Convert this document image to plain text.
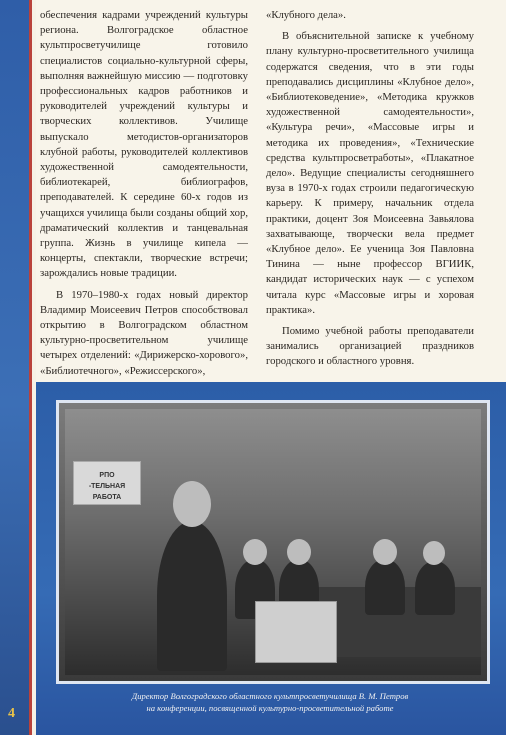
обеспечения кадрами учреждений культуры региона. Волгоградское областное культпросветучилище готовило специалистов социально-культурной сферы, выполняя важнейшую миссию — подготовку профессиональных кадров работников и руководителей учреждений культуры и творческих коллективов. Училище выпускало методистов-организаторов клубной работы, руководителей коллективов художественной самодеятельности, библиотекарей, библиографов, преподавателей. К середине 60-х годов из учащихся училища были созданы общий хор, драматический коллектив и танцевальная группа. Жизнь в училище кипела — концерты, спектакли, творческие встречи; зарождались новые традиции.

В 1970–1980-х годах новый директор Владимир Моисеевич Петров способствовал открытию в Волгоградском областном культурно-просветительном училище четырех отделений: «Дирижерско-хорового», «Библиотечного», «Режиссерского»,

«Клубного дела».

В объяснительной записке к учебному плану культурно-просветительного училища содержатся сведения, что в эти годы преподавались дисциплины «Клубное дело», «Библиотековедение», «Методика кружков художественной самодеятельности», «Культура речи», «Массовые игры и методика их проведения», «Технические средства культпросветработы», «Плакатное дело». Ведущие специалисты сегодняшнего вуза в 1970-х годах строили педагогическую карьеру. К примеру, начальник отдела практики, доцент Зоя Моисеевна Завьялова захватывающе, творчески вела предмет «Клубное дело». Ее ученица Зоя Павловна Тинина — ныне профессор ВГИИК, кандидат исторических наук — с успехом читала курс «Массовые игры и хоровая практика».

Помимо учебной работы преподаватели занимались организацией праздников городского и областного уровня.

РПО
-ТЕЛЬНАЯ
РАБОТА
Директор Волгоградского областного культпросветучилища В. М. Петров
на конференции, посвященной культурно-просветительной работе
4
